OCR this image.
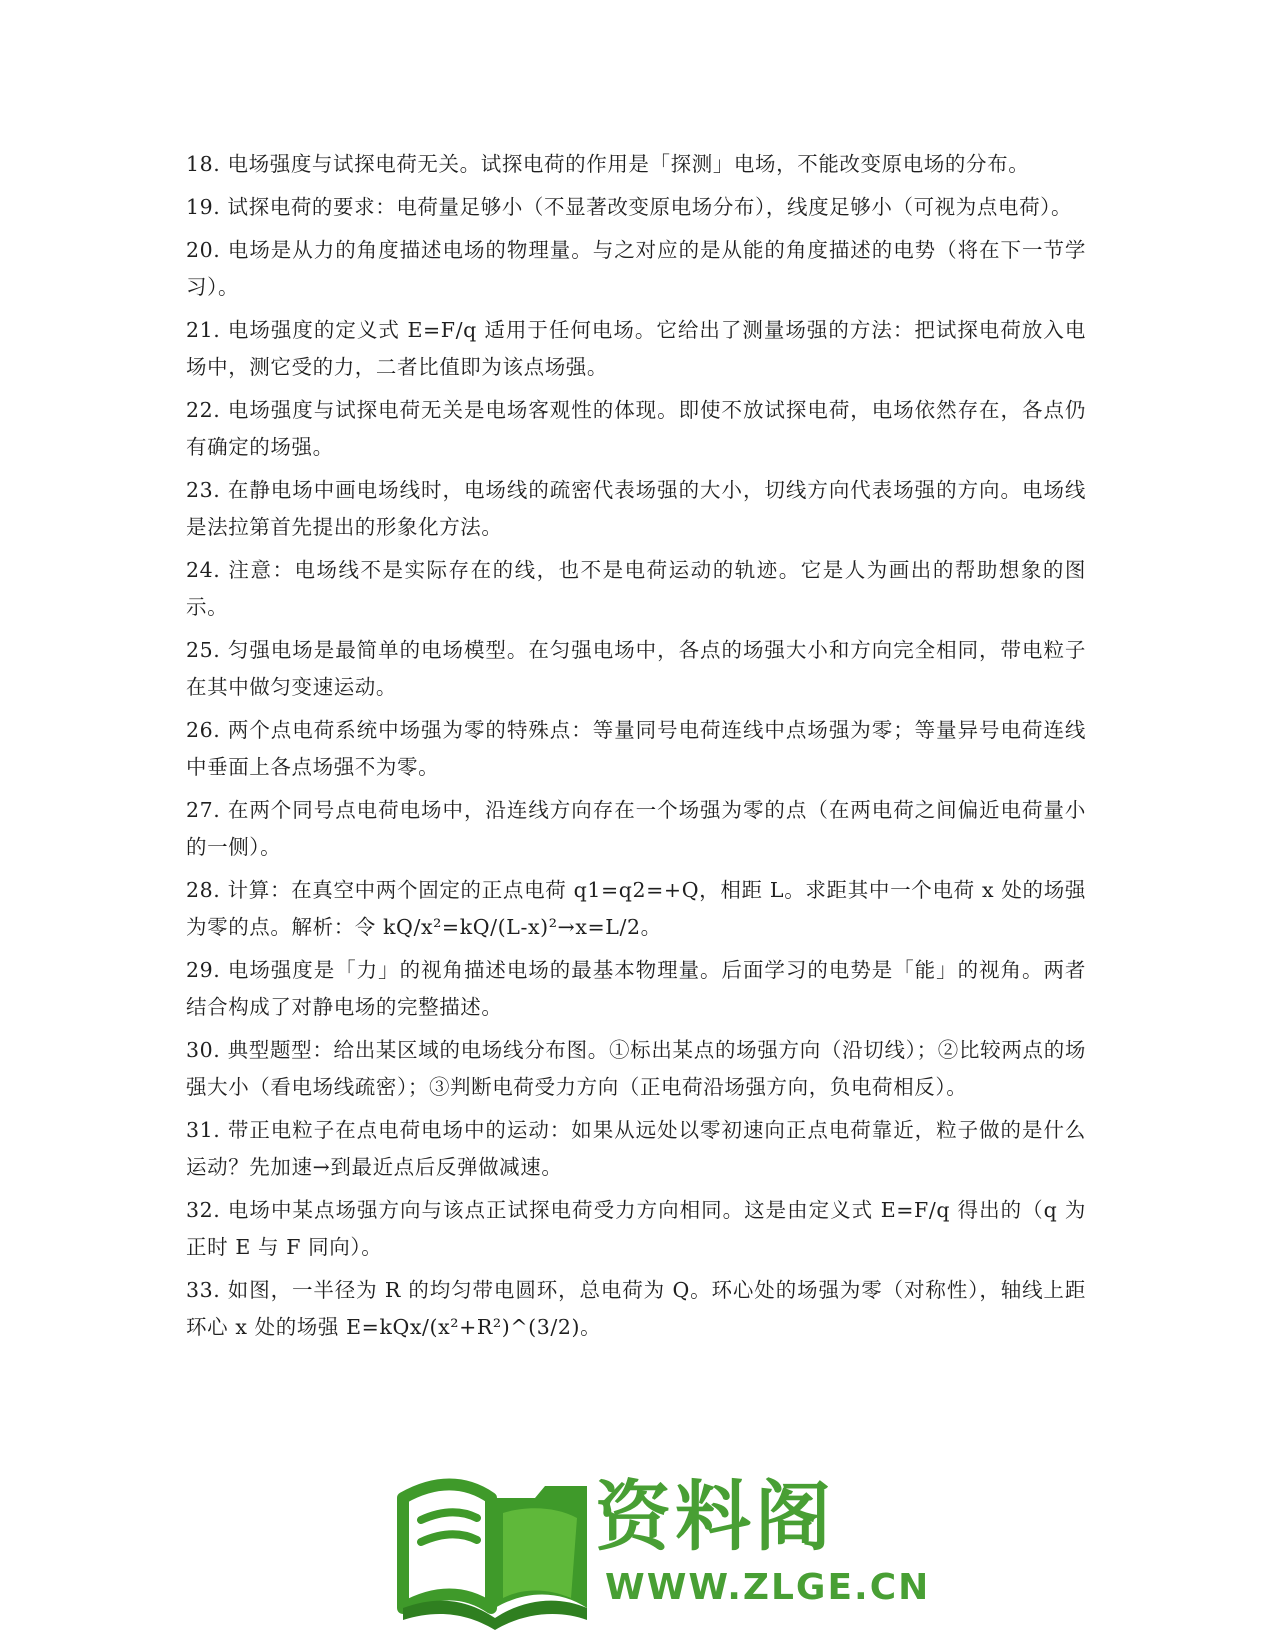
18. 电场强度与试探电荷无关。试探电荷的作用是「探测」电场，不能改变原电场的分布。

19. 试探电荷的要求：电荷量足够小（不显著改变原电场分布），线度足够小（可视为点电荷）。

20. 电场是从力的角度描述电场的物理量。与之对应的是从能的角度描述的电势（将在下一节学习）。

21. 电场强度的定义式 E=F/q 适用于任何电场。它给出了测量场强的方法：把试探电荷放入电场中，测它受的力，二者比值即为该点场强。

22. 电场强度与试探电荷无关是电场客观性的体现。即使不放试探电荷，电场依然存在，各点仍有确定的场强。

23. 在静电场中画电场线时，电场线的疏密代表场强的大小，切线方向代表场强的方向。电场线是法拉第首先提出的形象化方法。

24. 注意：电场线不是实际存在的线，也不是电荷运动的轨迹。它是人为画出的帮助想象的图示。

25. 匀强电场是最简单的电场模型。在匀强电场中，各点的场强大小和方向完全相同，带电粒子在其中做匀变速运动。

26. 两个点电荷系统中场强为零的特殊点：等量同号电荷连线中点场强为零；等量异号电荷连线中垂面上各点场强不为零。

27. 在两个同号点电荷电场中，沿连线方向存在一个场强为零的点（在两电荷之间偏近电荷量小的一侧）。

28. 计算：在真空中两个固定的正点电荷 q1=q2=+Q，相距 L。求距其中一个电荷 x 处的场强为零的点。解析：令 kQ/x²=kQ/(L-x)²→x=L/2。

29. 电场强度是「力」的视角描述电场的最基本物理量。后面学习的电势是「能」的视角。两者结合构成了对静电场的完整描述。

30. 典型题型：给出某区域的电场线分布图。①标出某点的场强方向（沿切线）；②比较两点的场强大小（看电场线疏密）；③判断电荷受力方向（正电荷沿场强方向，负电荷相反）。

31. 带正电粒子在点电荷电场中的运动：如果从远处以零初速向正点电荷靠近，粒子做的是什么运动？先加速→到最近点后反弹做减速。

32. 电场中某点场强方向与该点正试探电荷受力方向相同。这是由定义式 E=F/q 得出的（q 为正时 E 与 F 同向）。

33. 如图，一半径为 R 的均匀带电圆环，总电荷为 Q。环心处的场强为零（对称性），轴线上距环心 x 处的场强 E=kQx/(x²+R²)^(3/2)。

资料阁
WWW.ZLGE.CN
